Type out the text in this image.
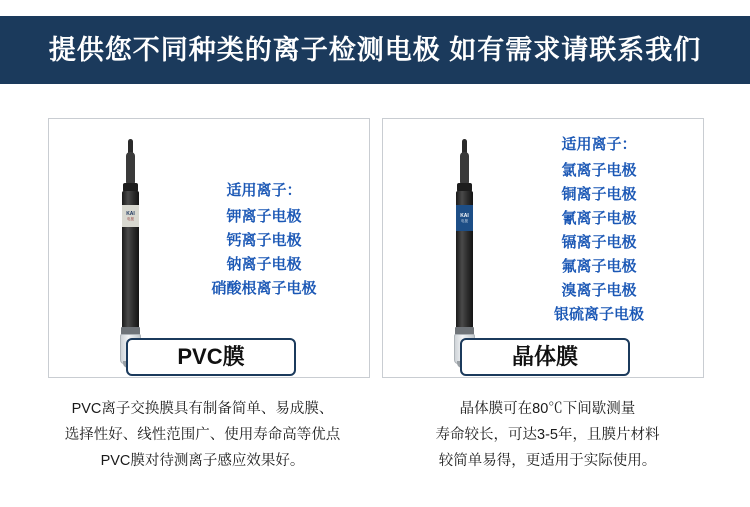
提供您不同种类的离子检测电极 如有需求请联系我们
KAI
电极
适用离子：
钾离子电极
钙离子电极
钠离子电极
硝酸根离子电极
KAI
电极
适用离子：
氯离子电极
铜离子电极
氰离子电极
镉离子电极
氟离子电极
溴离子电极
银硫离子电极
PVC膜	晶体膜
PVC离子交换膜具有制备简单、易成膜、
选择性好、线性范围广、使用寿命高等优点
PVC膜对待测离子感应效果好。
晶体膜可在80℃下间歇测量
寿命较长，可达3-5年，且膜片材料
较简单易得，更适用于实际使用。
